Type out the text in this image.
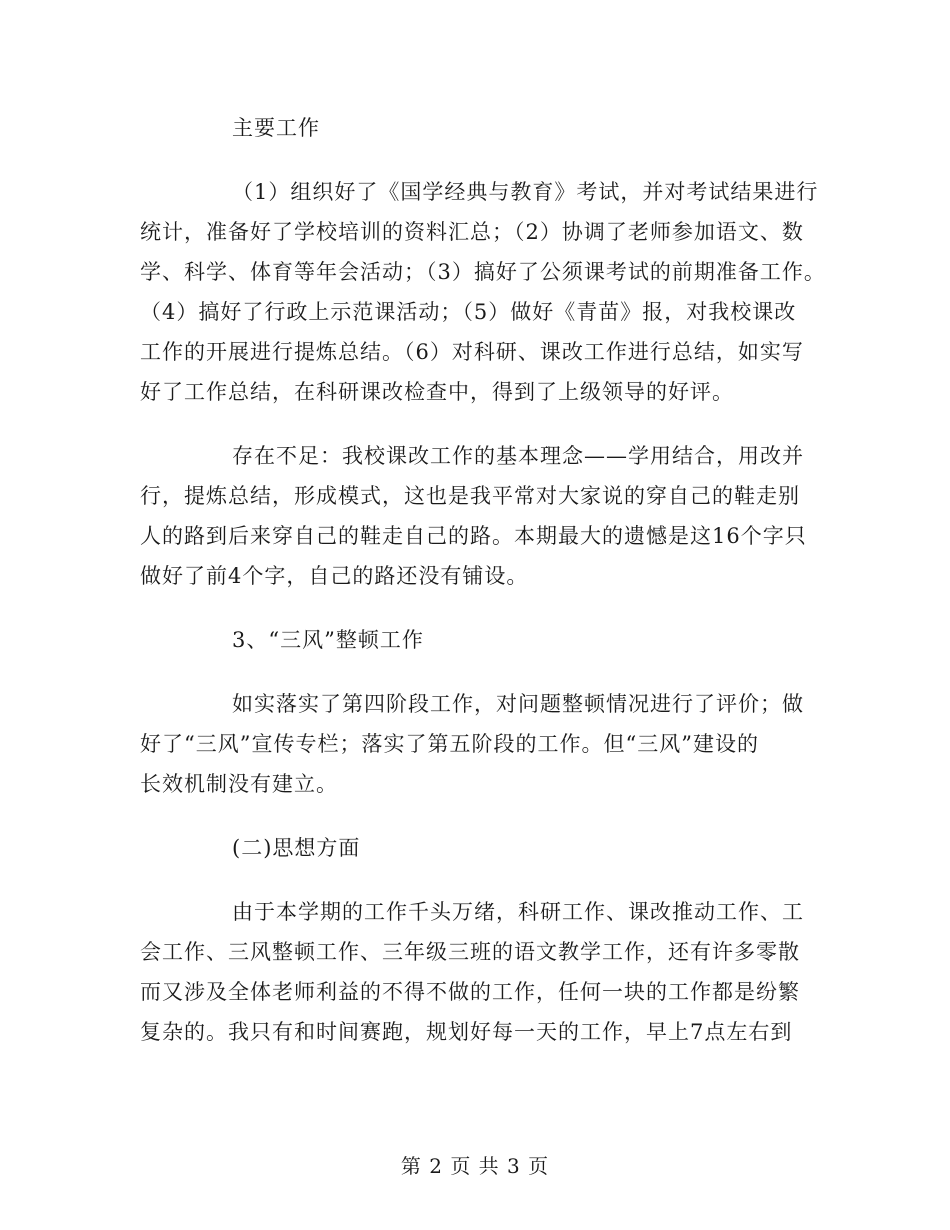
主要工作
（1）组织好了《国学经典与教育》考试，并对考试结果进行
统计，准备好了学校培训的资料汇总；（2）协调了老师参加语文、数
学、科学、体育等年会活动；（3）搞好了公须课考试的前期准备工作。
（4）搞好了行政上示范课活动；（5）做好《青苗》报，对我校课改
工作的开展进行提炼总结。（6）对科研、课改工作进行总结，如实写
好了工作总结，在科研课改检查中，得到了上级领导的好评。
存在不足：我校课改工作的基本理念——学用结合，用改并
行，提炼总结，形成模式，这也是我平常对大家说的穿自己的鞋走别
人的路到后来穿自己的鞋走自己的路。本期最大的遗憾是这16个字只
做好了前4个字，自己的路还没有铺设。
3、“三风”整顿工作
如实落实了第四阶段工作，对问题整顿情况进行了评价；做
好了“三风”宣传专栏；落实了第五阶段的工作。但“三风”建设的
长效机制没有建立。
(二)思想方面
由于本学期的工作千头万绪，科研工作、课改推动工作、工
会工作、三风整顿工作、三年级三班的语文教学工作，还有许多零散
而又涉及全体老师利益的不得不做的工作，任何一块的工作都是纷繁
复杂的。我只有和时间赛跑，规划好每一天的工作，早上7点左右到
第 2 页 共 3 页
